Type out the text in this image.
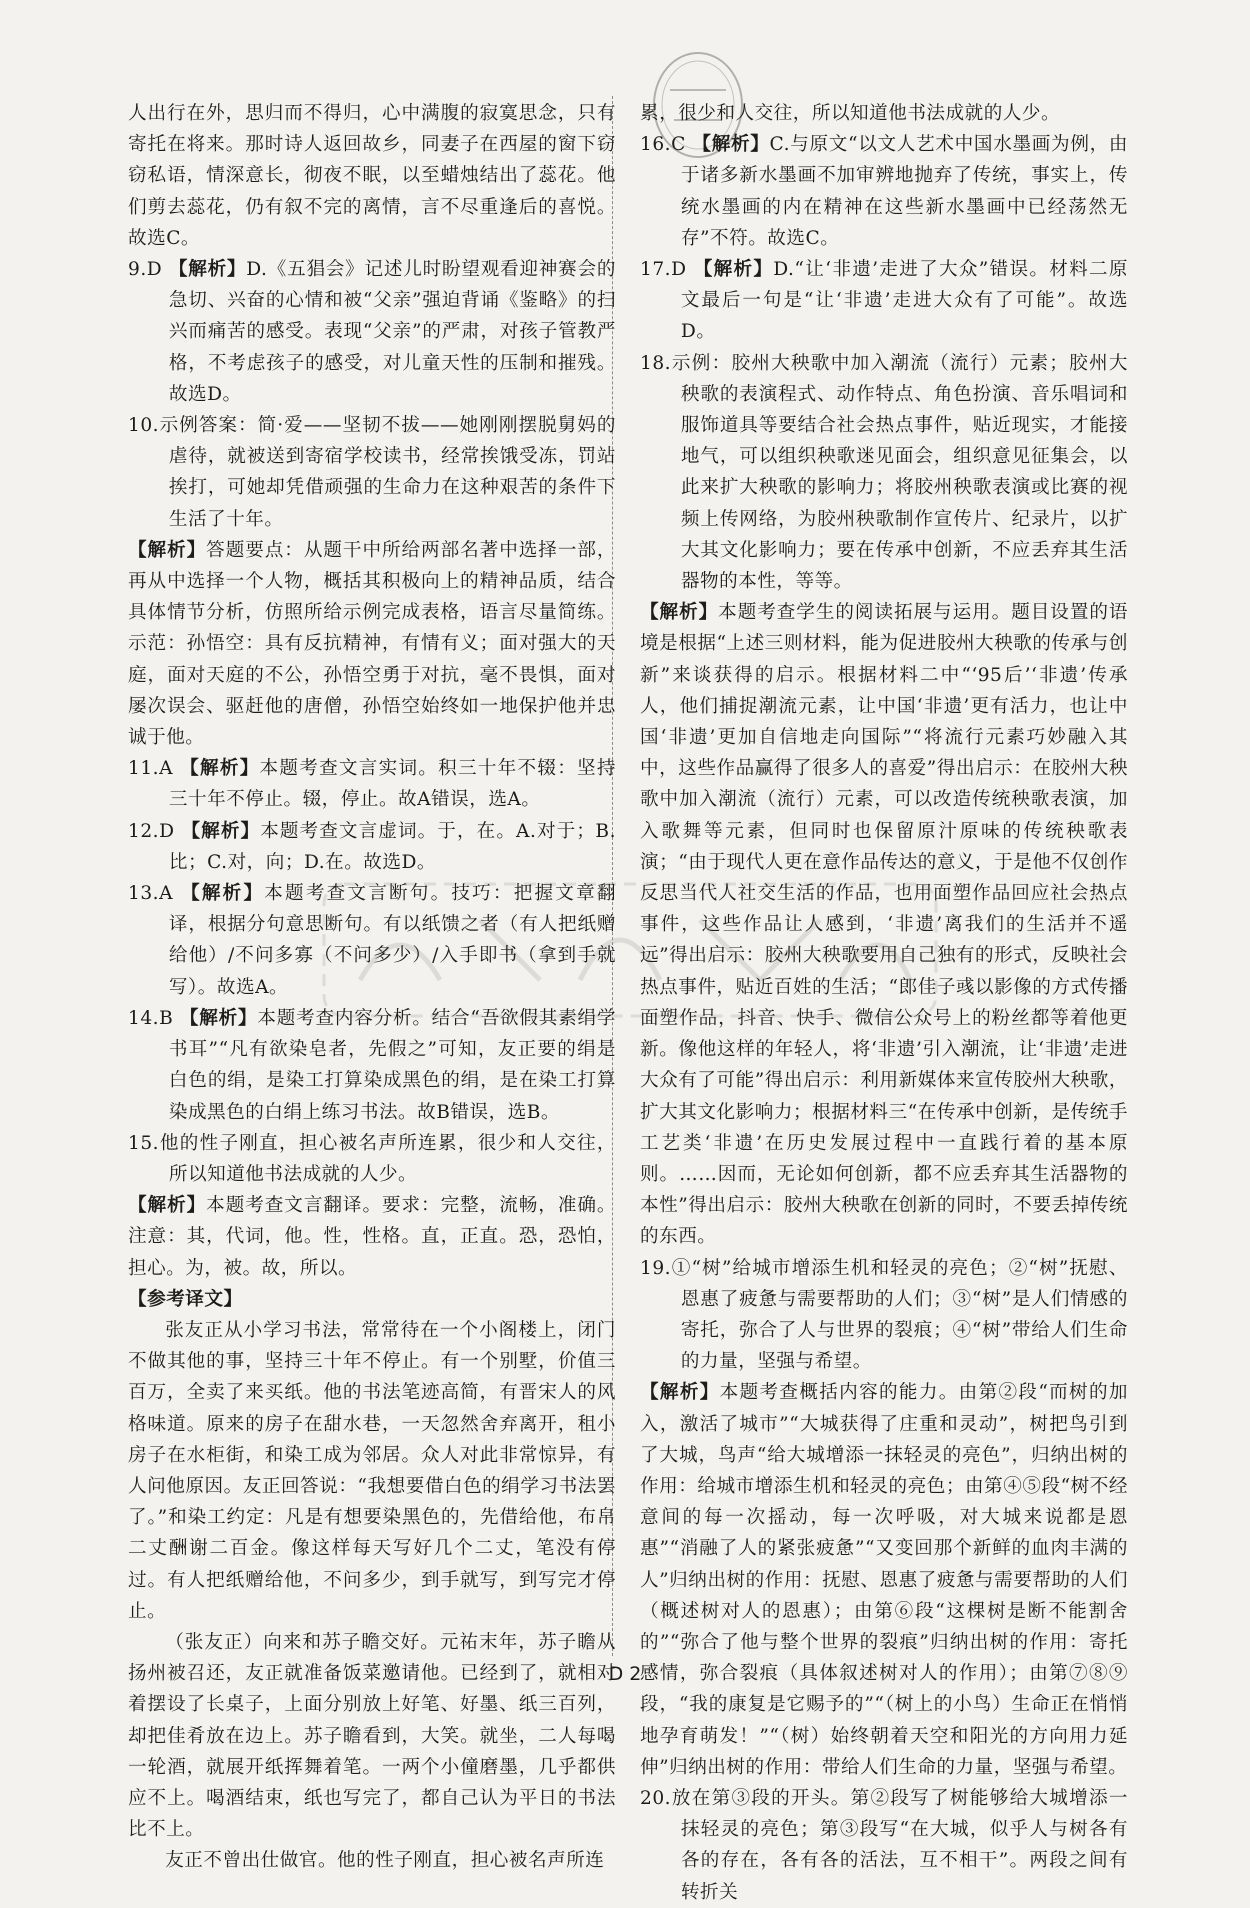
人出行在外，思归而不得归，心中满腹的寂寞思念，只有寄托在将来。那时诗人返回故乡，同妻子在西屋的窗下窃窃私语，情深意长，彻夜不眠，以至蜡烛结出了蕊花。他们剪去蕊花，仍有叙不完的离情，言不尽重逢后的喜悦。故选C。

9.D 【解析】D.《五猖会》记述儿时盼望观看迎神赛会的急切、兴奋的心情和被“父亲”强迫背诵《鉴略》的扫兴而痛苦的感受。表现“父亲”的严肃，对孩子管教严格，不考虑孩子的感受，对儿童天性的压制和摧残。故选D。

10.示例答案：简·爱——坚韧不拔——她刚刚摆脱舅妈的虐待，就被送到寄宿学校读书，经常挨饿受冻，罚站挨打，可她却凭借顽强的生命力在这种艰苦的条件下生活了十年。

【解析】答题要点：从题干中所给两部名著中选择一部，再从中选择一个人物，概括其积极向上的精神品质，结合具体情节分析，仿照所给示例完成表格，语言尽量简练。示范：孙悟空：具有反抗精神，有情有义；面对强大的天庭，面对天庭的不公，孙悟空勇于对抗，毫不畏惧，面对屡次误会、驱赶他的唐僧，孙悟空始终如一地保护他并忠诚于他。

11.A 【解析】本题考查文言实词。积三十年不辍：坚持三十年不停止。辍，停止。故A错误，选A。

12.D 【解析】本题考查文言虚词。于，在。A.对于；B.比；C.对，向；D.在。故选D。

13.A 【解析】本题考查文言断句。技巧：把握文章翻译，根据分句意思断句。有以纸馈之者（有人把纸赠给他）/不问多寡（不问多少）/入手即书（拿到手就写）。故选A。

14.B 【解析】本题考查内容分析。结合“吾欲假其素绢学书耳”“凡有欲染皂者，先假之”可知，友正要的绢是白色的绢，是染工打算染成黑色的绢，是在染工打算染成黑色的白绢上练习书法。故B错误，选B。

15.他的性子刚直，担心被名声所连累，很少和人交往，所以知道他书法成就的人少。

【解析】本题考查文言翻译。要求：完整，流畅，准确。注意：其，代词，他。性，性格。直，正直。恐，恐怕，担心。为，被。故，所以。

【参考译文】

张友正从小学习书法，常常待在一个小阁楼上，闭门不做其他的事，坚持三十年不停止。有一个别墅，价值三百万，全卖了来买纸。他的书法笔迹高简，有晋宋人的风格味道。原来的房子在甜水巷，一天忽然舍弃离开，租小房子在水柜街，和染工成为邻居。众人对此非常惊异，有人问他原因。友正回答说：“我想要借白色的绢学习书法罢了。”和染工约定：凡是有想要染黑色的，先借给他，布帛二丈酬谢二百金。像这样每天写好几个二丈，笔没有停过。有人把纸赠给他，不问多少，到手就写，到写完才停止。

（张友正）向来和苏子瞻交好。元祐末年，苏子瞻从扬州被召还，友正就准备饭菜邀请他。已经到了，就相对着摆设了长桌子，上面分别放上好笔、好墨、纸三百列，却把佳肴放在边上。苏子瞻看到，大笑。就坐，二人每喝一轮酒，就展开纸挥舞着笔。一两个小僮磨墨，几乎都供应不上。喝酒结束，纸也写完了，都自己认为平日的书法比不上。

友正不曾出仕做官。他的性子刚直，担心被名声所连

累，很少和人交往，所以知道他书法成就的人少。

16.C 【解析】C.与原文“以文人艺术中国水墨画为例，由于诸多新水墨画不加审辨地抛弃了传统，事实上，传统水墨画的内在精神在这些新水墨画中已经荡然无存”不符。故选C。

17.D 【解析】D.“让‘非遗’走进了大众”错误。材料二原文最后一句是“让‘非遗’走进大众有了可能”。故选D。

18.示例：胶州大秧歌中加入潮流（流行）元素；胶州大秧歌的表演程式、动作特点、角色扮演、音乐唱词和服饰道具等要结合社会热点事件，贴近现实，才能接地气，可以组织秧歌迷见面会，组织意见征集会，以此来扩大秧歌的影响力；将胶州秧歌表演或比赛的视频上传网络，为胶州秧歌制作宣传片、纪录片，以扩大其文化影响力；要在传承中创新，不应丢弃其生活器物的本性，等等。

【解析】本题考查学生的阅读拓展与运用。题目设置的语境是根据“上述三则材料，能为促进胶州大秧歌的传承与创新”来谈获得的启示。根据材料二中“‘95后’‘非遗’传承人，他们捕捉潮流元素，让中国‘非遗’更有活力，也让中国‘非遗’更加自信地走向国际”“将流行元素巧妙融入其中，这些作品赢得了很多人的喜爱”得出启示：在胶州大秧歌中加入潮流（流行）元素，可以改造传统秧歌表演，加入歌舞等元素，但同时也保留原汁原味的传统秧歌表演；“由于现代人更在意作品传达的意义，于是他不仅创作反思当代人社交生活的作品，也用面塑作品回应社会热点事件，这些作品让人感到，‘非遗’离我们的生活并不遥远”得出启示：胶州大秧歌要用自己独有的形式，反映社会热点事件，贴近百姓的生活；“郎佳子彧以影像的方式传播面塑作品，抖音、快手、微信公众号上的粉丝都等着他更新。像他这样的年轻人，将‘非遗’引入潮流，让‘非遗’走进大众有了可能”得出启示：利用新媒体来宣传胶州大秧歌，扩大其文化影响力；根据材料三“在传承中创新，是传统手工艺类‘非遗’在历史发展过程中一直践行着的基本原则。……因而，无论如何创新，都不应丢弃其生活器物的本性”得出启示：胶州大秧歌在创新的同时，不要丢掉传统的东西。

19.①“树”给城市增添生机和轻灵的亮色；②“树”抚慰、恩惠了疲惫与需要帮助的人们；③“树”是人们情感的寄托，弥合了人与世界的裂痕；④“树”带给人们生命的力量，坚强与希望。

【解析】本题考查概括内容的能力。由第②段“而树的加入，激活了城市”“大城获得了庄重和灵动”，树把鸟引到了大城，鸟声“给大城增添一抹轻灵的亮色”，归纳出树的作用：给城市增添生机和轻灵的亮色；由第④⑤段“树不经意间的每一次摇动，每一次呼吸，对大城来说都是恩惠”“消融了人的紧张疲惫”“又变回那个新鲜的血肉丰满的人”归纳出树的作用：抚慰、恩惠了疲惫与需要帮助的人们（概述树对人的恩惠）；由第⑥段“这棵树是断不能割舍的”“弥合了他与整个世界的裂痕”归纳出树的作用：寄托感情，弥合裂痕（具体叙述树对人的作用）；由第⑦⑧⑨段，“我的康复是它赐予的”“（树上的小鸟）生命正在悄悄地孕育萌发！”“（树）始终朝着天空和阳光的方向用力延伸”归纳出树的作用：带给人们生命的力量，坚强与希望。

20.放在第③段的开头。第②段写了树能够给大城增添一抹轻灵的亮色；第③段写“在大城，似乎人与树各有各的存在，各有各的活法，互不相干”。两段之间有转折关

D 2
